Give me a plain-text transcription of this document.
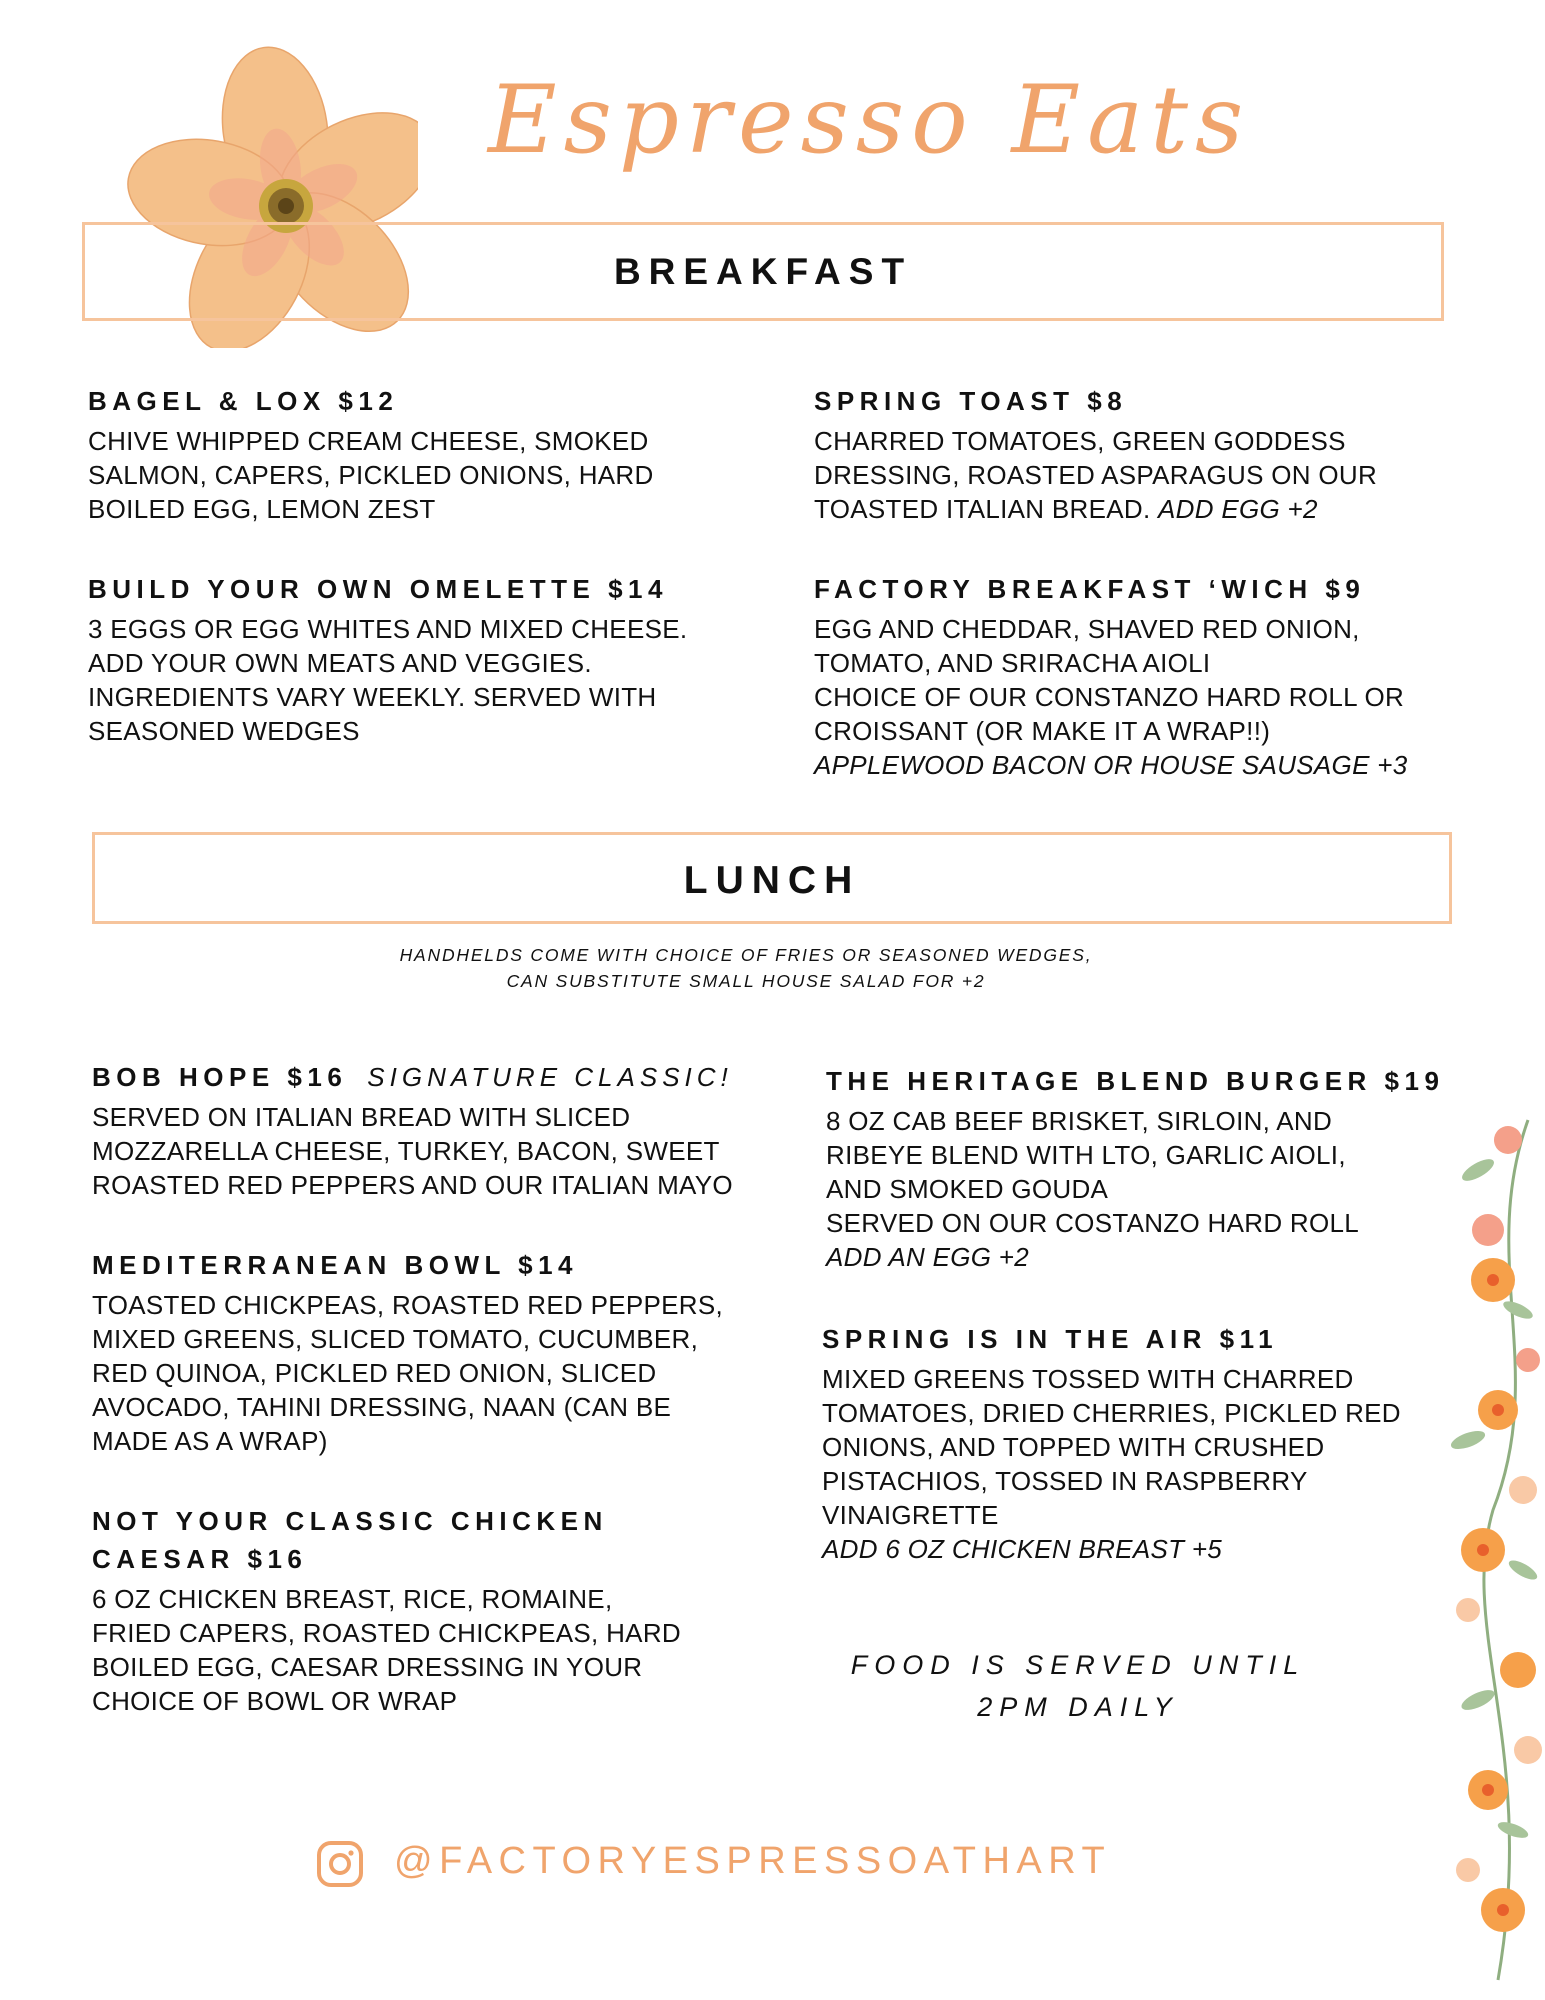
Espresso Eats
BREAKFAST
BAGEL & LOX $12
CHIVE WHIPPED CREAM CHEESE, SMOKED
SALMON, CAPERS, PICKLED ONIONS, HARD
BOILED EGG, LEMON ZEST
BUILD YOUR OWN OMELETTE $14
3 EGGS OR EGG WHITES AND MIXED CHEESE.
ADD YOUR OWN MEATS AND VEGGIES.
INGREDIENTS VARY WEEKLY. SERVED WITH
SEASONED WEDGES
SPRING TOAST $8
CHARRED TOMATOES, GREEN GODDESS
DRESSING, ROASTED ASPARAGUS ON OUR
TOASTED ITALIAN BREAD. ADD EGG +2
FACTORY BREAKFAST ‘WICH $9
EGG AND CHEDDAR, SHAVED RED ONION,
TOMATO, AND SRIRACHA AIOLI
CHOICE OF OUR CONSTANZO HARD ROLL OR
CROISSANT (OR MAKE IT A WRAP!!)
APPLEWOOD BACON OR HOUSE SAUSAGE +3
LUNCH
HANDHELDS COME WITH CHOICE OF FRIES OR SEASONED WEDGES,
CAN SUBSTITUTE SMALL HOUSE SALAD FOR +2
BOB HOPE $16 SIGNATURE CLASSIC!
SERVED ON ITALIAN BREAD WITH SLICED
MOZZARELLA CHEESE, TURKEY, BACON, SWEET
ROASTED RED PEPPERS AND OUR ITALIAN MAYO
MEDITERRANEAN BOWL $14
TOASTED CHICKPEAS, ROASTED RED PEPPERS,
MIXED GREENS, SLICED TOMATO, CUCUMBER,
RED QUINOA, PICKLED RED ONION, SLICED
AVOCADO, TAHINI DRESSING, NAAN (CAN BE
MADE AS A WRAP)
NOT YOUR CLASSIC CHICKEN
CAESAR $16
6 OZ CHICKEN BREAST, RICE, ROMAINE,
FRIED CAPERS, ROASTED CHICKPEAS, HARD
BOILED EGG, CAESAR DRESSING IN YOUR
CHOICE OF BOWL OR WRAP
THE HERITAGE BLEND BURGER $19
8 OZ CAB BEEF BRISKET, SIRLOIN, AND
RIBEYE BLEND WITH LTO, GARLIC AIOLI,
AND SMOKED GOUDA
SERVED ON OUR COSTANZO HARD ROLL
ADD AN EGG +2
SPRING IS IN THE AIR $11
MIXED GREENS TOSSED WITH CHARRED
TOMATOES, DRIED CHERRIES, PICKLED RED
ONIONS, AND TOPPED WITH CRUSHED
PISTACHIOS, TOSSED IN RASPBERRY
VINAIGRETTE
ADD 6 OZ CHICKEN BREAST +5
FOOD IS SERVED UNTIL
2PM DAILY
@FACTORYESPRESSOATHART
